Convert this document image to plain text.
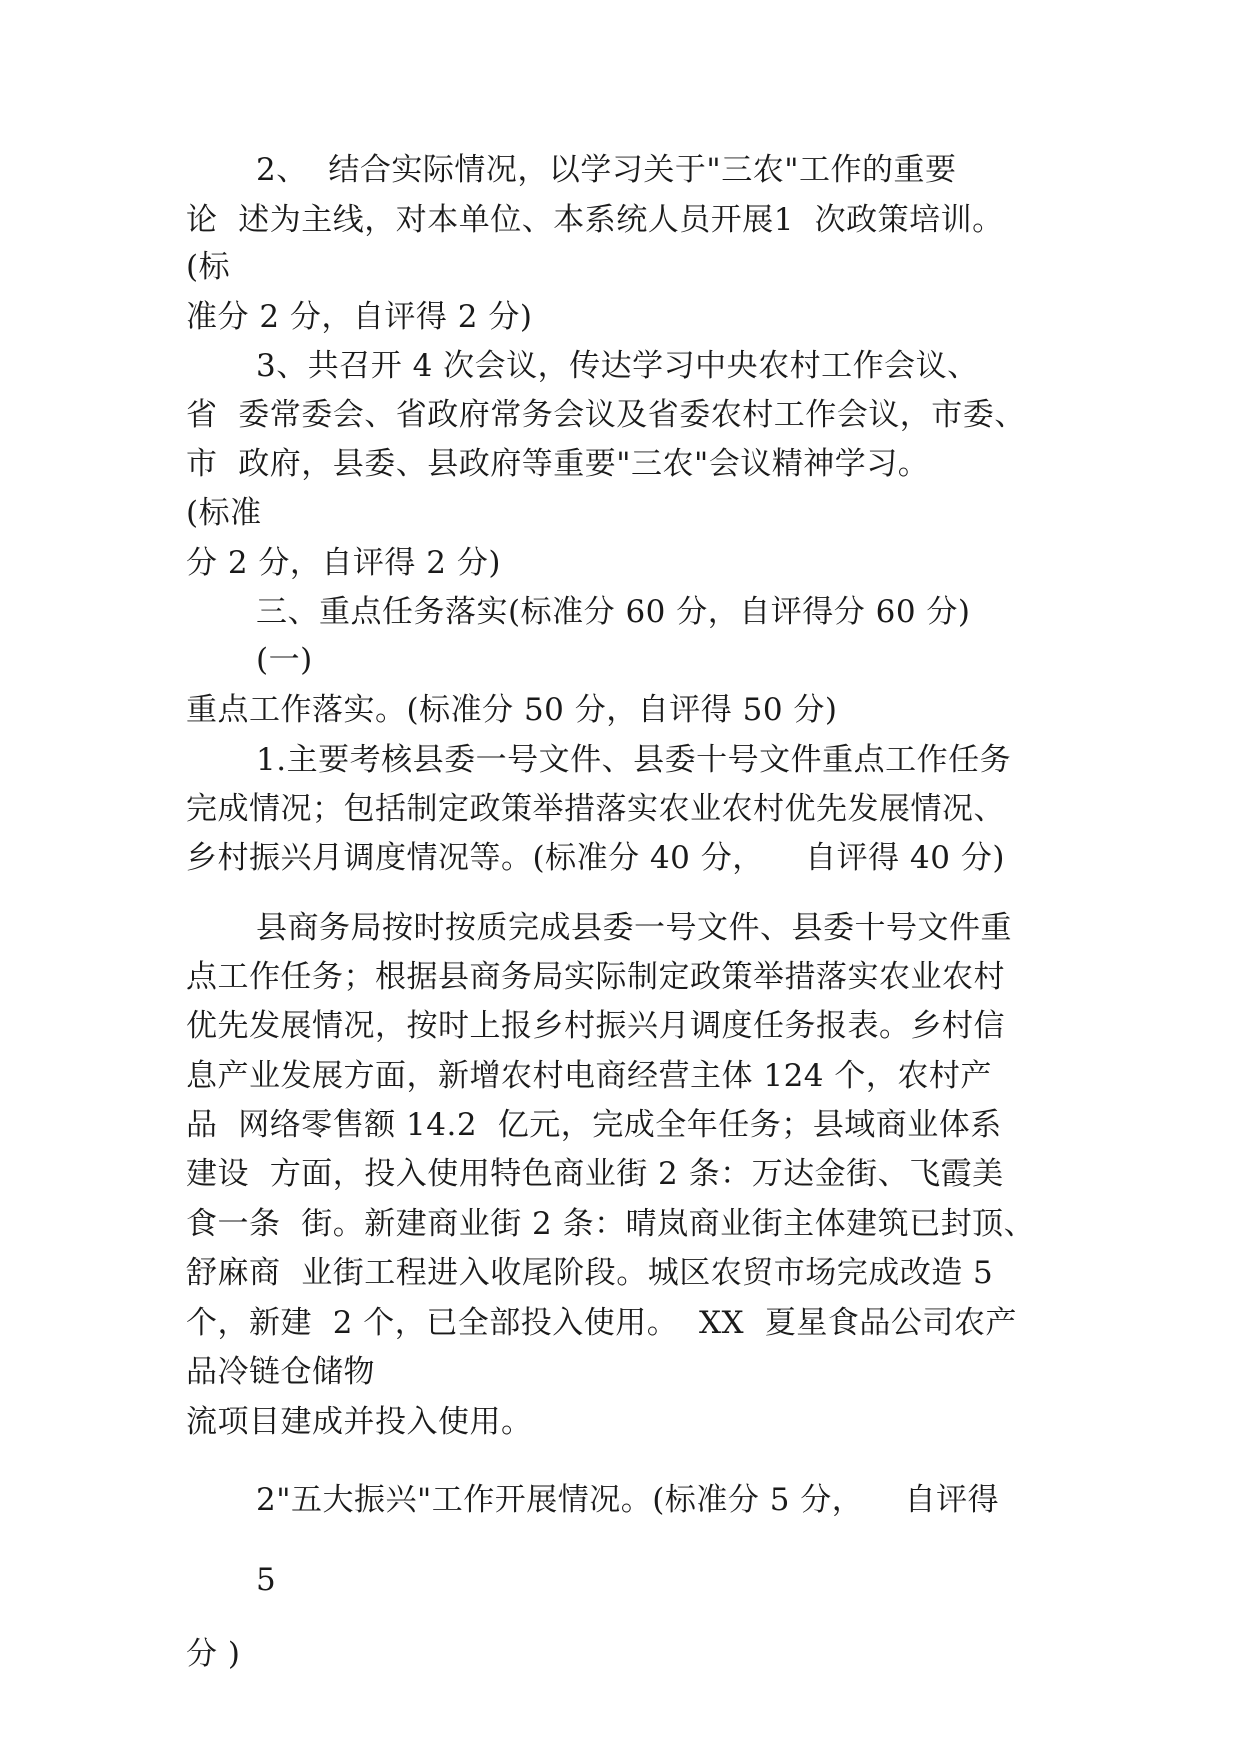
2、  结合实际情况，以学习关于"三农"工作的重要
论  述为主线，对本单位、本系统人员开展1  次政策培训。
(标
准分 2 分，自评得 2 分)
3、共召开 4 次会议，传达学习中央农村工作会议、
省  委常委会、省政府常务会议及省委农村工作会议，市委、
市  政府，县委、县政府等重要"三农"会议精神学习。
(标准
分 2 分，自评得 2 分)
三、重点任务落实(标准分 60 分，自评得分 60 分)
(一)
重点工作落实。(标准分 50 分，自评得 50 分)
1.主要考核县委一号文件、县委十号文件重点工作任务
完成情况；包括制定政策举措落实农业农村优先发展情况、
乡村振兴月调度情况等。(标准分 40 分，    自评得 40 分)
县商务局按时按质完成县委一号文件、县委十号文件重
点工作任务；根据县商务局实际制定政策举措落实农业农村
优先发展情况，按时上报乡村振兴月调度任务报表。乡村信
息产业发展方面，新增农村电商经营主体 124 个，农村产
品  网络零售额 14.2  亿元，完成全年任务；县域商业体系
建设  方面，投入使用特色商业街 2 条：万达金街、飞霞美
食一条  街。新建商业街 2 条：晴岚商业街主体建筑已封顶、
舒麻商  业街工程进入收尾阶段。城区农贸市场完成改造 5
个，新建  2 个，已全部投入使用。  XX  夏星食品公司农产
品冷链仓储物
流项目建成并投入使用。
2"五大振兴"工作开展情况。(标准分 5 分，    自评得
5
分 )
